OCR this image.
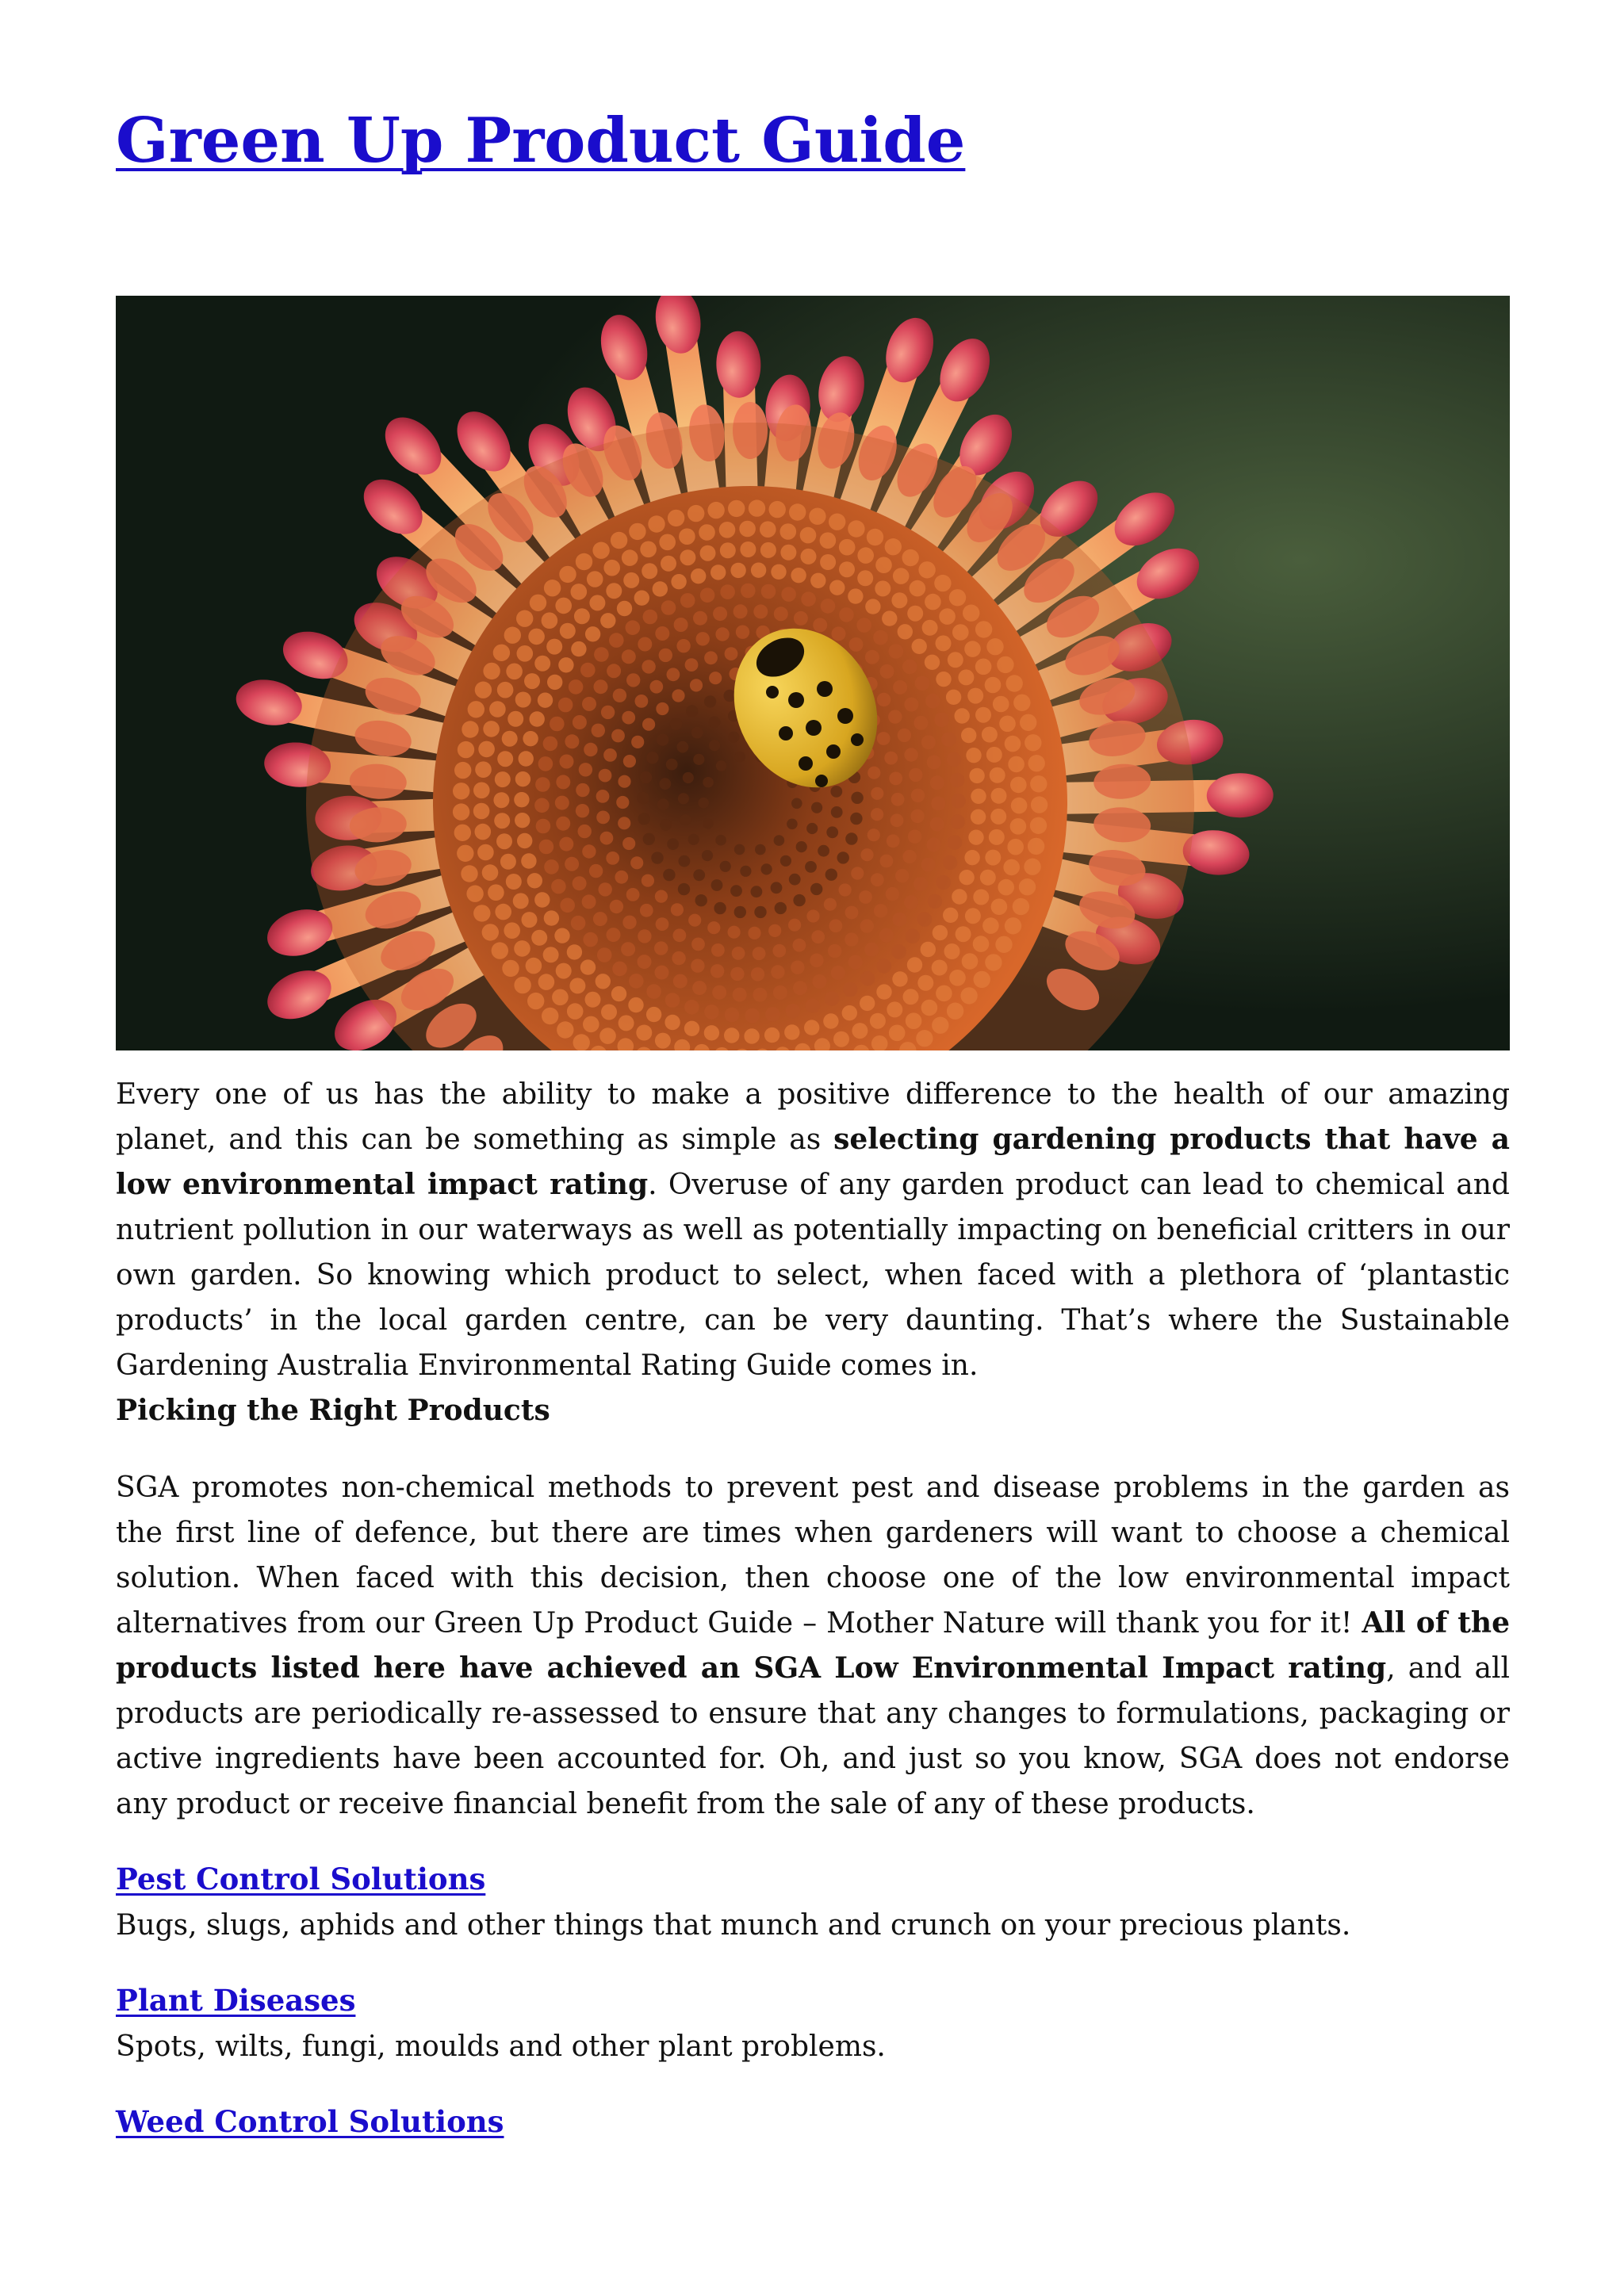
Green Up Product Guide

Every one of us has the ability to make a positive difference to the health of our amazing planet, and this can be something as simple as selecting gardening products that have a low environmental impact rating. Overuse of any garden product can lead to chemical and nutrient pollution in our waterways as well as potentially impacting on beneficial critters in our own garden. So knowing which product to select, when faced with a plethora of ‘plantastic products’ in the local garden centre, can be very daunting. That’s where the Sustainable Gardening Australia Environmental Rating Guide comes in.

Picking the Right Products

SGA promotes non-chemical methods to prevent pest and disease problems in the garden as the first line of defence, but there are times when gardeners will want to choose a chemical solution. When faced with this decision, then choose one of the low environmental impact alternatives from our Green Up Product Guide – Mother Nature will thank you for it! All of the products listed here have achieved an SGA Low Environmental Impact rating, and all products are periodically re-assessed to ensure that any changes to formulations, packaging or active ingredients have been accounted for. Oh, and just so you know, SGA does not endorse any product or receive financial benefit from the sale of any of these products.

Pest Control Solutions
Bugs, slugs, aphids and other things that munch and crunch on your precious plants.
Plant Diseases
Spots, wilts, fungi, moulds and other plant problems.
Weed Control Solutions
